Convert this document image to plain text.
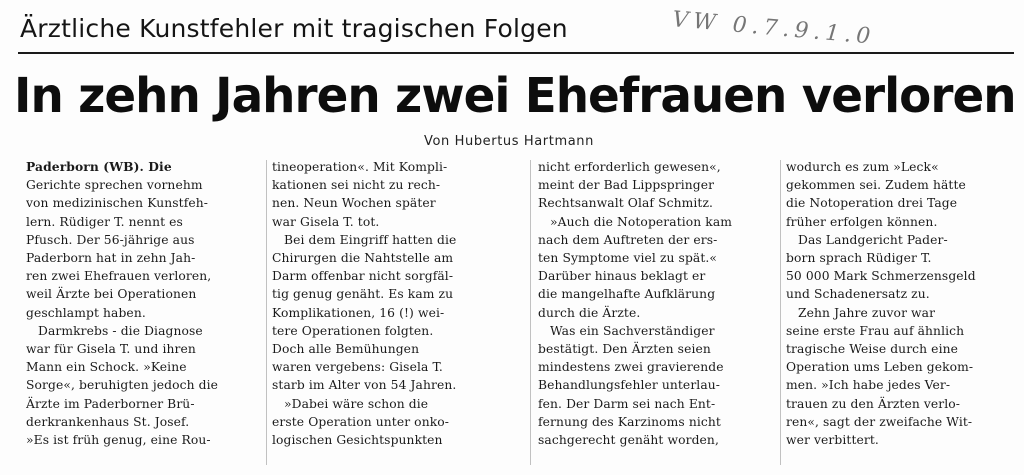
Ärztliche Kunstfehler mit tragischen Folgen	VW 0.7.9.1.0
In zehn Jahren zwei Ehefrauen verloren
Von Hubertus Hartmann
Paderborn (WB). Die
Gerichte sprechen vornehm
von medizinischen Kunstfeh-
lern. Rüdiger T. nennt es
Pfusch. Der 56-jährige aus
Paderborn hat in zehn Jah-
ren zwei Ehefrauen verloren,
weil Ärzte bei Operationen
geschlampt haben.
Darmkrebs - die Diagnose
war für Gisela T. und ihren
Mann ein Schock. »Keine
Sorge«, beruhigten jedoch die
Ärzte im Paderborner Brü-
derkrankenhaus St. Josef.
»Es ist früh genug, eine Rou-
tineoperation«. Mit Kompli-
kationen sei nicht zu rech-
nen. Neun Wochen später
war Gisela T. tot.
Bei dem Eingriff hatten die
Chirurgen die Nahtstelle am
Darm offenbar nicht sorgfäl-
tig genug genäht. Es kam zu
Komplikationen, 16 (!) wei-
tere Operationen folgten.
Doch alle Bemühungen
waren vergebens: Gisela T.
starb im Alter von 54 Jahren.
»Dabei wäre schon die
erste Operation unter onko-
logischen Gesichtspunkten
nicht erforderlich gewesen«,
meint der Bad Lippspringer
Rechtsanwalt Olaf Schmitz.
»Auch die Notoperation kam
nach dem Auftreten der ers-
ten Symptome viel zu spät.«
Darüber hinaus beklagt er
die mangelhafte Aufklärung
durch die Ärzte.
Was ein Sachverständiger
bestätigt. Den Ärzten seien
mindestens zwei gravierende
Behandlungsfehler unterlau-
fen. Der Darm sei nach Ent-
fernung des Karzinoms nicht
sachgerecht genäht worden,
wodurch es zum »Leck«
gekommen sei. Zudem hätte
die Notoperation drei Tage
früher erfolgen können.
Das Landgericht Pader-
born sprach Rüdiger T.
50 000 Mark Schmerzensgeld
und Schadenersatz zu.
Zehn Jahre zuvor war
seine erste Frau auf ähnlich
tragische Weise durch eine
Operation ums Leben gekom-
men. »Ich habe jedes Ver-
trauen zu den Ärzten verlo-
ren«, sagt der zweifache Wit-
wer verbittert.
